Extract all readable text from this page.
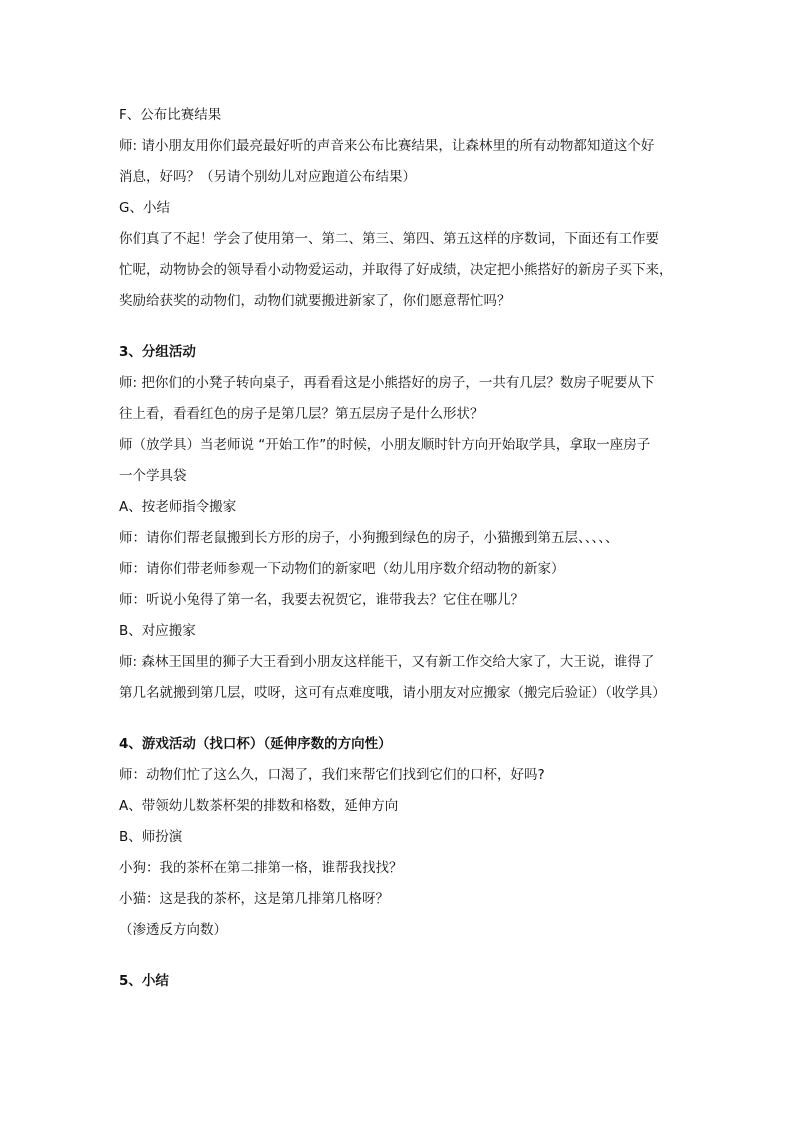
F、公布比赛结果
师: 请小朋友用你们最亮最好听的声音来公布比赛结果，让森林里的所有动物都知道这个好
消息，好吗？（另请个别幼儿对应跑道公布结果）
G、小结
你们真了不起！学会了使用第一、第二、第三、第四、第五这样的序数词，下面还有工作要
忙呢，动物协会的领导看小动物爱运动，并取得了好成绩，决定把小熊搭好的新房子买下来，
奖励给获奖的动物们，动物们就要搬进新家了，你们愿意帮忙吗？
3、分组活动
师: 把你们的小凳子转向桌子，再看看这是小熊搭好的房子，一共有几层？数房子呢要从下
往上看，看看红色的房子是第几层？第五层房子是什么形状？
师（放学具）当老师说 “开始工作”的时候，小朋友顺时针方向开始取学具，拿取一座房子
一个学具袋
A、按老师指令搬家
师：请你们帮老鼠搬到长方形的房子，小狗搬到绿色的房子，小猫搬到第五层、、、、、
师：请你们带老师参观一下动物们的新家吧（幼儿用序数介绍动物的新家）
师：听说小兔得了第一名，我要去祝贺它，谁带我去？它住在哪儿？
B、对应搬家
师: 森林王国里的狮子大王看到小朋友这样能干，又有新工作交给大家了，大王说，谁得了
第几名就搬到第几层，哎呀，这可有点难度哦，请小朋友对应搬家（搬完后验证）（收学具）
4、游戏活动（找口杯）（延伸序数的方向性）
师：动物们忙了这么久，口渴了，我们来帮它们找到它们的口杯，好吗?
A、带领幼儿数茶杯架的排数和格数，延伸方向
B、师扮演
小狗：我的茶杯在第二排第一格，谁帮我找找？
小猫：这是我的茶杯，这是第几排第几格呀？
（渗透反方向数）
5、小结
